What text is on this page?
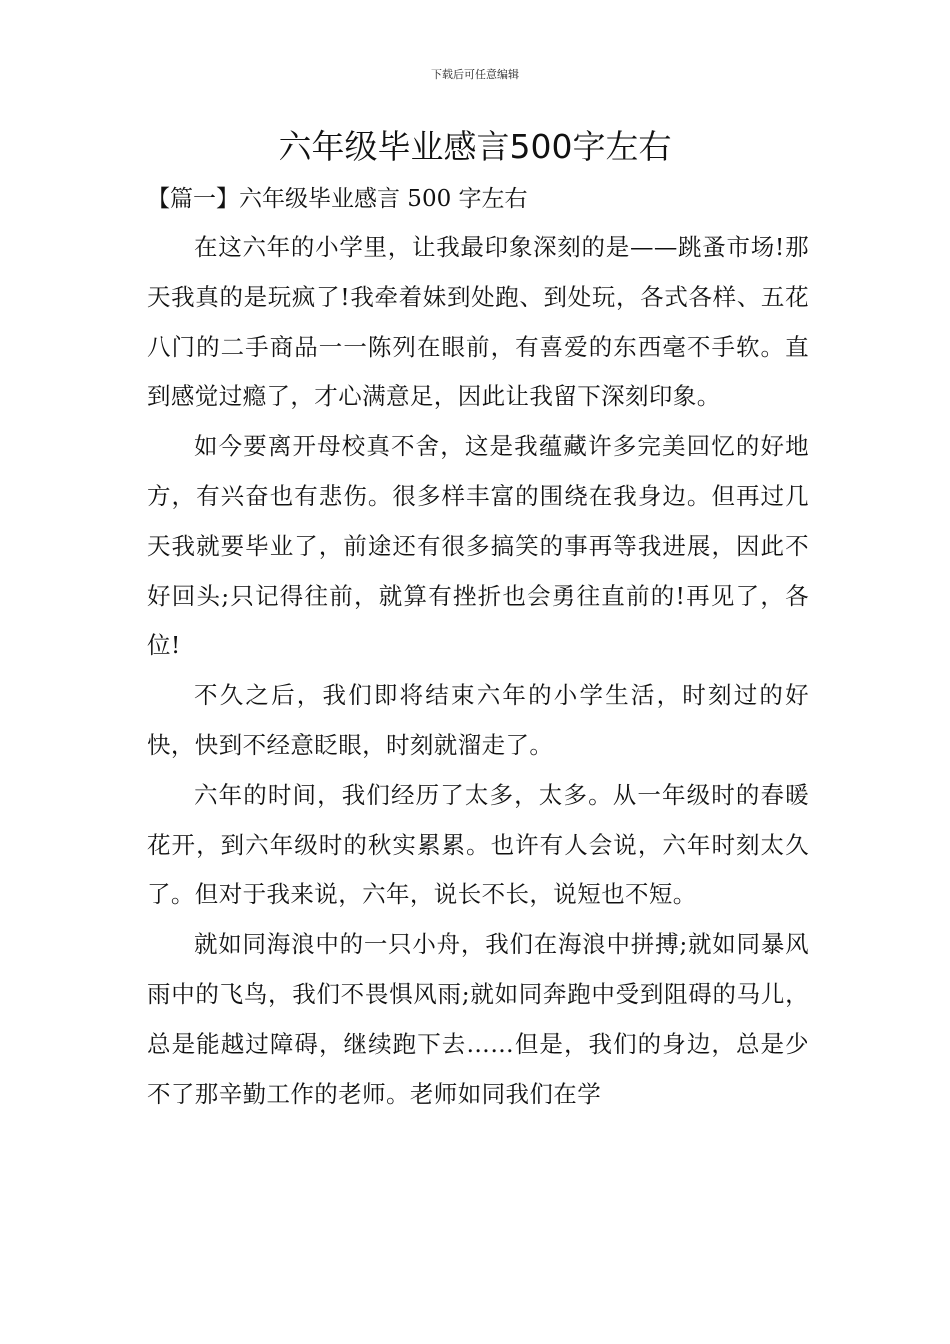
下载后可任意编辑
六年级毕业感言500字左右
【篇一】六年级毕业感言 500 字左右

在这六年的小学里，让我最印象深刻的是——跳蚤市场!那天我真的是玩疯了!我牵着妹到处跑、到处玩，各式各样、五花八门的二手商品一一陈列在眼前，有喜爱的东西毫不手软。直到感觉过瘾了，才心满意足，因此让我留下深刻印象。

如今要离开母校真不舍，这是我蕴藏许多完美回忆的好地方，有兴奋也有悲伤。很多样丰富的围绕在我身边。但再过几天我就要毕业了，前途还有很多搞笑的事再等我进展，因此不好回头;只记得往前，就算有挫折也会勇往直前的!再见了，各位!

不久之后，我们即将结束六年的小学生活，时刻过的好快，快到不经意眨眼，时刻就溜走了。

六年的时间，我们经历了太多，太多。从一年级时的春暖花开，到六年级时的秋实累累。也许有人会说，六年时刻太久了。但对于我来说，六年，说长不长，说短也不短。

就如同海浪中的一只小舟，我们在海浪中拼搏;就如同暴风雨中的飞鸟，我们不畏惧风雨;就如同奔跑中受到阻碍的马儿，总是能越过障碍，继续跑下去……但是，我们的身边，总是少不了那辛勤工作的老师。老师如同我们在学
